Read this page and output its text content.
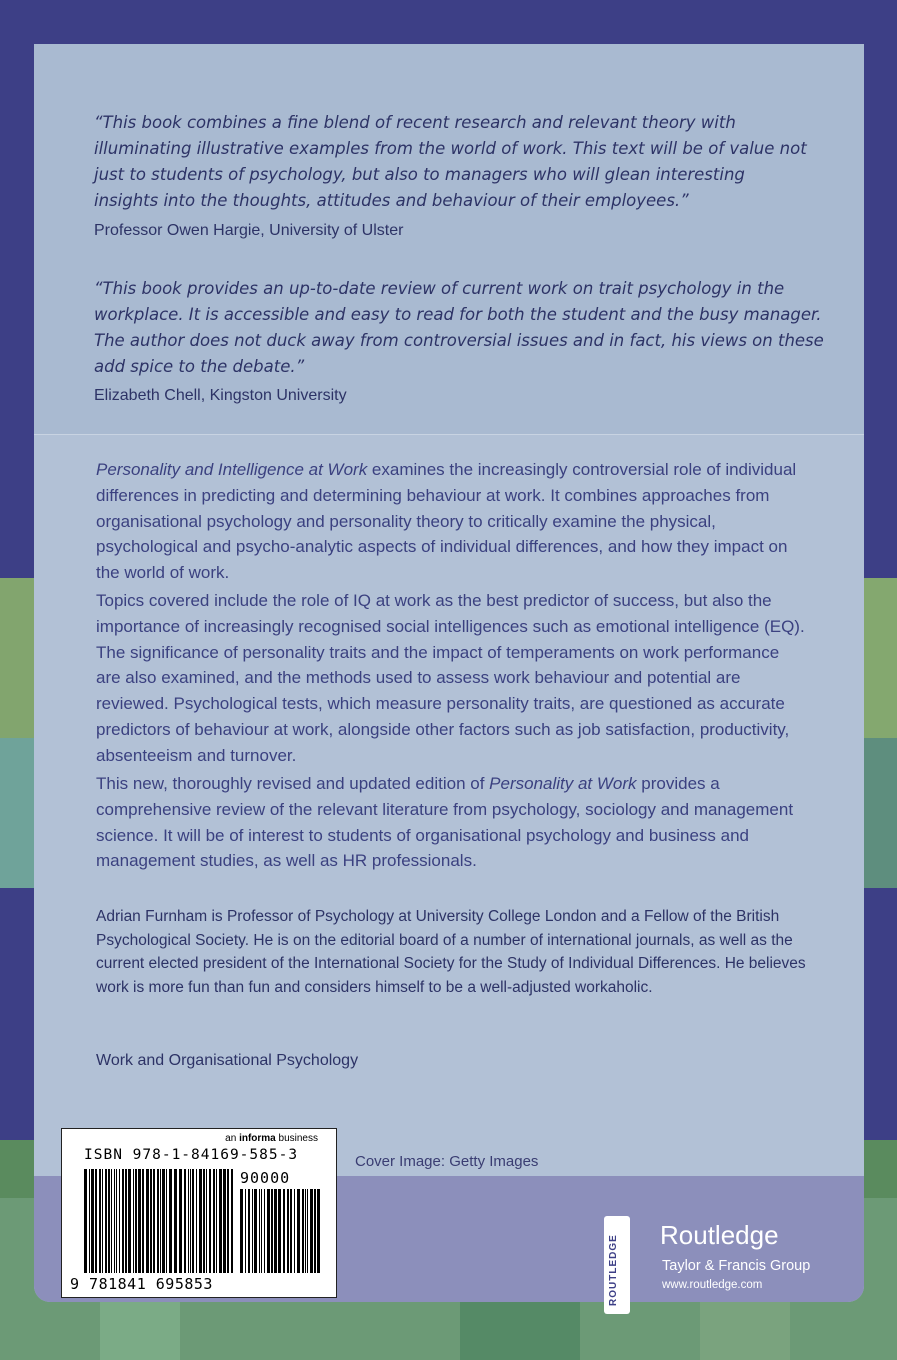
“This book combines a fine blend of recent research and relevant theory with illuminating illustrative examples from the world of work. This text will be of value not just to students of psychology, but also to managers who will glean interesting insights into the thoughts, attitudes and behaviour of their employees.”

Professor Owen Hargie, University of Ulster

“This book provides an up-to-date review of current work on trait psychology in the workplace. It is accessible and easy to read for both the student and the busy manager. The author does not duck away from controversial issues and in fact, his views on these add spice to the debate.”

Elizabeth Chell, Kingston University

Personality and Intelligence at Work examines the increasingly controversial role of individual differences in predicting and determining behaviour at work. It combines approaches from organisational psychology and personality theory to critically examine the physical, psychological and psycho-analytic aspects of individual differences, and how they impact on the world of work.

Topics covered include the role of IQ at work as the best predictor of success, but also the importance of increasingly recognised social intelligences such as emotional intelligence (EQ). The significance of personality traits and the impact of temperaments on work performance are also examined, and the methods used to assess work behaviour and potential are reviewed. Psychological tests, which measure personality traits, are questioned as accurate predictors of behaviour at work, alongside other factors such as job satisfaction, productivity, absenteeism and turnover.

This new, thoroughly revised and updated edition of Personality at Work provides a comprehensive review of the relevant literature from psychology, sociology and management science. It will be of interest to students of organisational psychology and business and management studies, as well as HR professionals.

Adrian Furnham is Professor of Psychology at University College London and a Fellow of the British Psychological Society. He is on the editorial board of a number of international journals, as well as the current elected president of the International Society for the Study of Individual Differences. He believes work is more fun than fun and considers himself to be a well-adjusted workaholic.

Work and Organisational Psychology
Cover Image: Getty Images
an informa business
ISBN 978-1-84169-585-3
90000
9 781841 695853	ROUTLEDGE Routledge
Taylor & Francis Group
www.routledge.com
